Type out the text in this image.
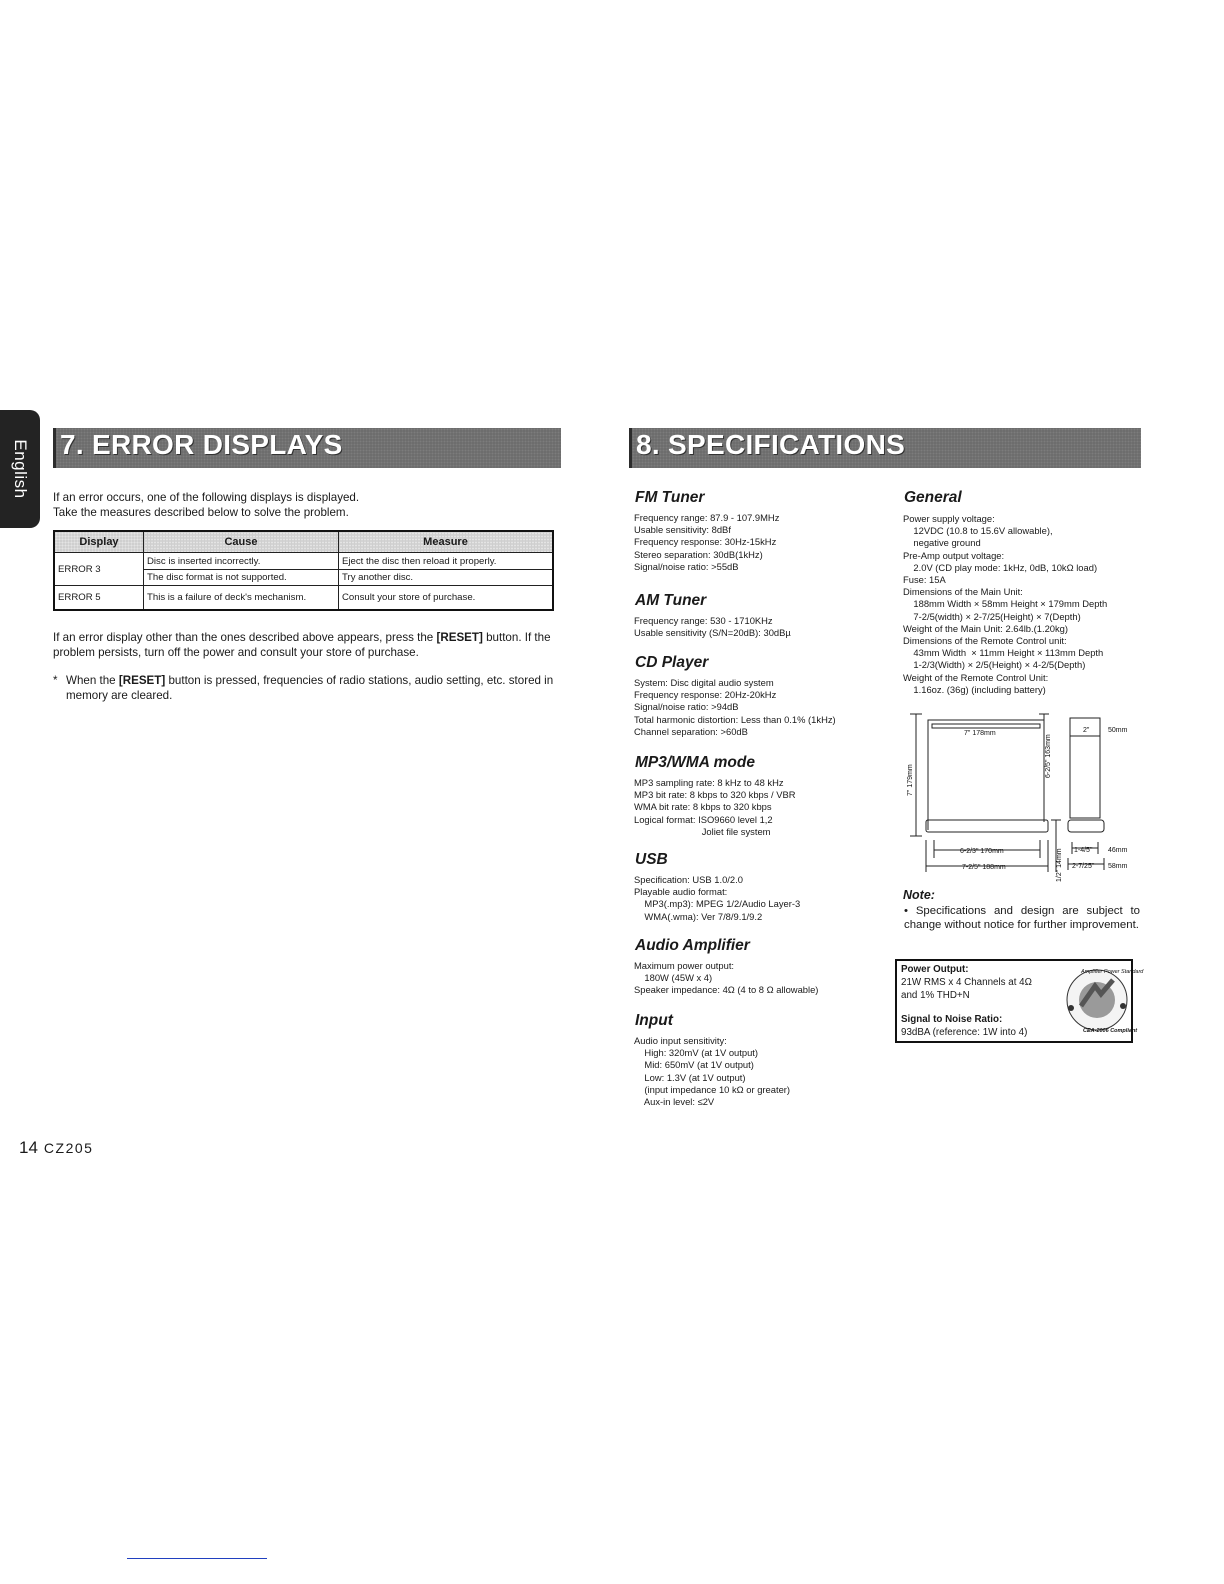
English 7. ERROR DISPLAYS
If an error occurs, one of the following displays is displayed.
Take the measures described below to solve the problem.
Display	Cause	Measure
ERROR 3	Disc is inserted incorrectly.	Eject the disc then reload it properly.
	The disc format is not supported.	Try another disc.
ERROR 5	This is a failure of deck's mechanism.	Consult your store of purchase.
If an error display other than the ones described above appears, press the [RESET] button. If the problem persists, turn off the power and consult your store of purchase.
* When the [RESET] button is pressed, frequencies of radio stations, audio setting, etc. stored in memory are cleared.
8. SPECIFICATIONS
FM Tuner
Frequency range: 87.9 - 107.9MHz
Usable sensitivity: 8dBf
Frequency response: 30Hz-15kHz
Stereo separation: 30dB(1kHz)
Signal/noise ratio: >55dB
AM Tuner
Frequency range: 530 - 1710KHz
Usable sensitivity (S/N=20dB): 30dBµ
CD Player
System: Disc digital audio system
Frequency response: 20Hz-20kHz
Signal/noise ratio: >94dB
Total harmonic distortion: Less than 0.1% (1kHz)
Channel separation: >60dB
MP3/WMA mode
MP3 sampling rate: 8 kHz to 48 kHz
MP3 bit rate: 8 kbps to 320 kbps / VBR
WMA bit rate: 8 kbps to 320 kbps
Logical format: ISO9660 level 1,2
Joliet file system
USB
Specification: USB 1.0/2.0
Playable audio format:
MP3(.mp3): MPEG 1/2/Audio Layer-3
WMA(.wma): Ver 7/8/9.1/9.2
Audio Amplifier
Maximum power output:
180W (45W x 4)
Speaker impedance: 4Ω (4 to 8 Ω allowable)
Input
Audio input sensitivity:
High: 320mV (at 1V output)
Mid: 650mV (at 1V output)
Low: 1.3V (at 1V output)
(input impedance 10 kΩ or greater)
Aux-in level: ≤2V
General
Power supply voltage:
12VDC (10.8 to 15.6V allowable),
negative ground
Pre-Amp output voltage:
2.0V (CD play mode: 1kHz, 0dB, 10kΩ load)
Fuse: 15A
Dimensions of the Main Unit:
188mm Width × 58mm Height × 179mm Depth
7-2/5(width) × 2-7/25(Height) × 7(Depth)
Weight of the Main Unit: 2.64lb.(1.20kg)
Dimensions of the Remote Control unit:
43mm Width  × 11mm Height × 113mm Depth
1-2/3(Width) × 2/5(Height) × 4-2/5(Depth)
Weight of the Remote Control Unit:
1.16oz. (36g) (including battery)
7" 178mm
7" 179mm
6-2/5" 163mm
6-2/3" 170mm
7-2/5" 188mm	1/2" 14mm
2"	50mm
1-4/5" 46mm
2-7/25" 58mm
Note:
• Specifications and design are subject to change without notice for further improvement.
Power Output:
21W RMS x 4 Channels at 4Ω
and 1% THD+N
Signal to Noise Ratio:
93dBA (reference: 1W into 4)
Amplifier Power Standard
CEA-2006 Compliant
14 CZ205
